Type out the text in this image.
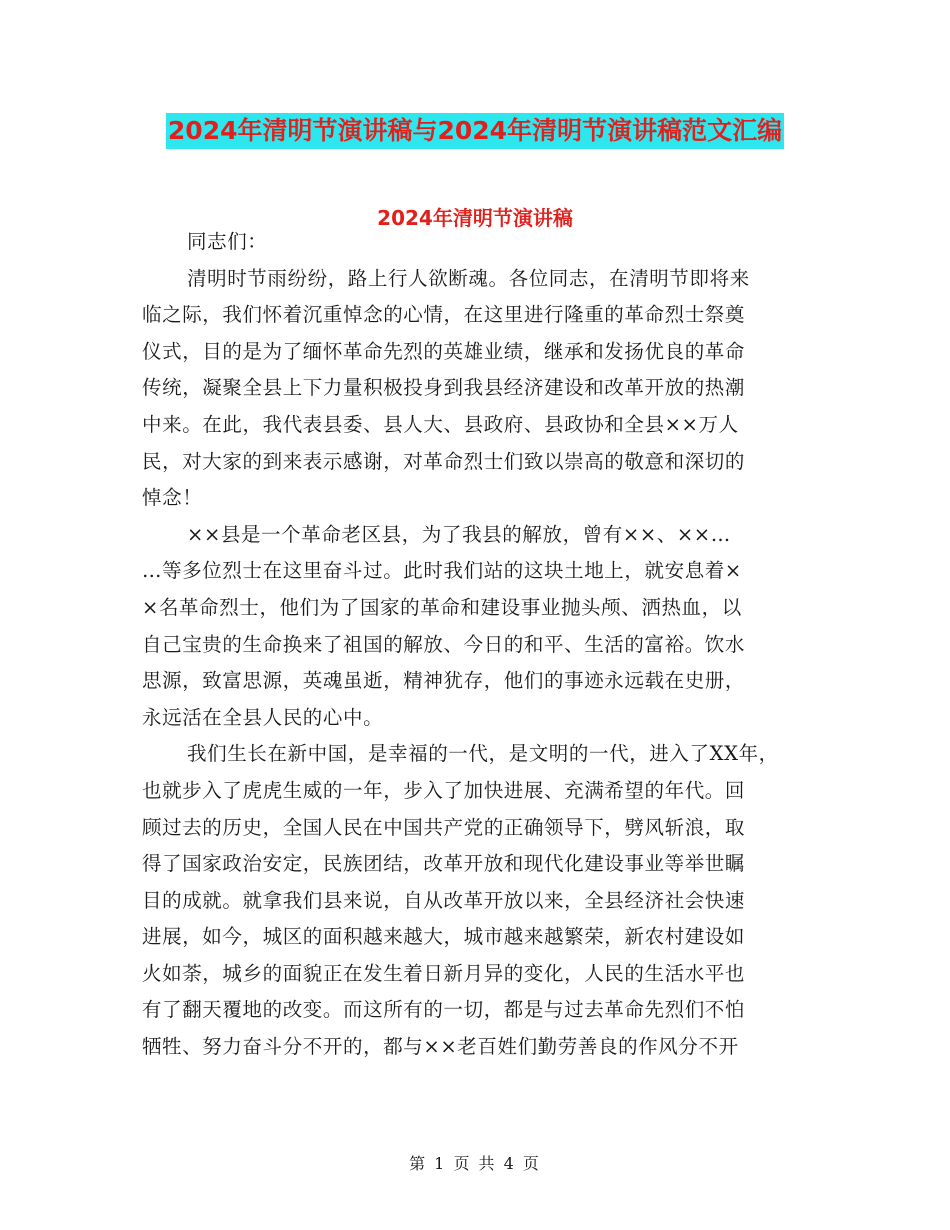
2024年清明节演讲稿与2024年清明节演讲稿范文汇编
2024年清明节演讲稿
同志们：
清明时节雨纷纷，路上行人欲断魂。各位同志，在清明节即将来
临之际，我们怀着沉重悼念的心情，在这里进行隆重的革命烈士祭奠
仪式，目的是为了缅怀革命先烈的英雄业绩，继承和发扬优良的革命
传统，凝聚全县上下力量积极投身到我县经济建设和改革开放的热潮
中来。在此，我代表县委、县人大、县政府、县政协和全县××万人
民，对大家的到来表示感谢，对革命烈士们致以崇高的敬意和深切的
悼念！
××县是一个革命老区县，为了我县的解放，曾有××、××…
…等多位烈士在这里奋斗过。此时我们站的这块土地上，就安息着×
×名革命烈士，他们为了国家的革命和建设事业抛头颅、洒热血，以
自己宝贵的生命换来了祖国的解放、今日的和平、生活的富裕。饮水
思源，致富思源，英魂虽逝，精神犹存，他们的事迹永远载在史册，
永远活在全县人民的心中。
我们生长在新中国，是幸福的一代，是文明的一代，进入了XX年，
也就步入了虎虎生威的一年，步入了加快进展、充满希望的年代。回
顾过去的历史，全国人民在中国共产党的正确领导下，劈风斩浪，取
得了国家政治安定，民族团结，改革开放和现代化建设事业等举世瞩
目的成就。就拿我们县来说，自从改革开放以来，全县经济社会快速
进展，如今，城区的面积越来越大，城市越来越繁荣，新农村建设如
火如荼，城乡的面貌正在发生着日新月异的变化，人民的生活水平也
有了翻天覆地的改变。而这所有的一切，都是与过去革命先烈们不怕
牺牲、努力奋斗分不开的，都与××老百姓们勤劳善良的作风分不开
第 1 页 共 4 页
